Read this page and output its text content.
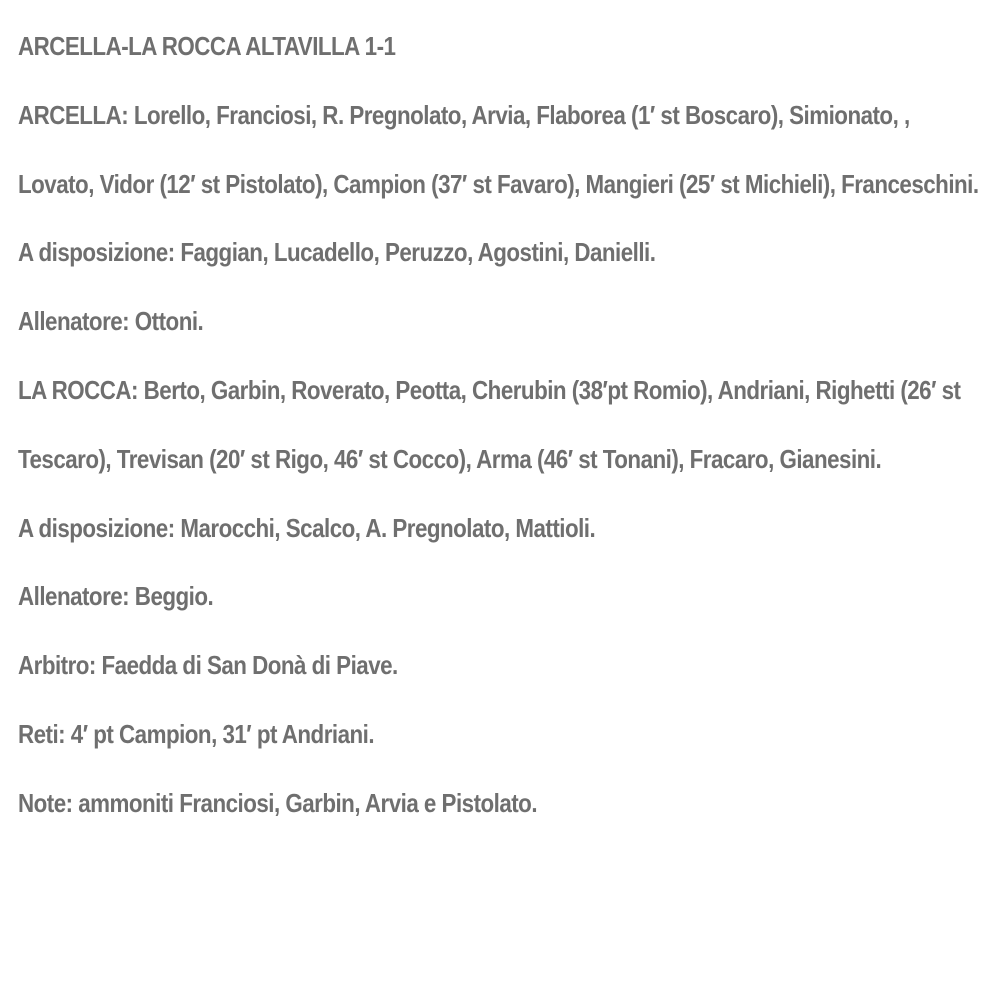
ARCELLA-LA ROCCA ALTAVILLA 1-1

ARCELLA: Lorello, Franciosi, R. Pregnolato, Arvia, Flaborea (1′ st Boscaro), Simionato, , Lovato, Vidor (12′ st Pistolato), Campion (37′ st Favaro), Mangieri (25′ st Michieli), Franceschini.

A disposizione: Faggian, Lucadello, Peruzzo, Agostini, Danielli.

Allenatore: Ottoni.

LA ROCCA: Berto, Garbin, Roverato, Peotta, Cherubin (38′pt Romio), Andriani, Righetti (26′ st Tescaro), Trevisan (20′ st Rigo, 46′ st Cocco), Arma (46′ st Tonani), Fracaro, Gianesini.

A disposizione: Marocchi, Scalco, A. Pregnolato, Mattioli.

Allenatore: Beggio.

Arbitro: Faedda di San Donà di Piave.

Reti: 4′ pt Campion, 31′ pt Andriani.

Note: ammoniti Franciosi, Garbin, Arvia e Pistolato.
